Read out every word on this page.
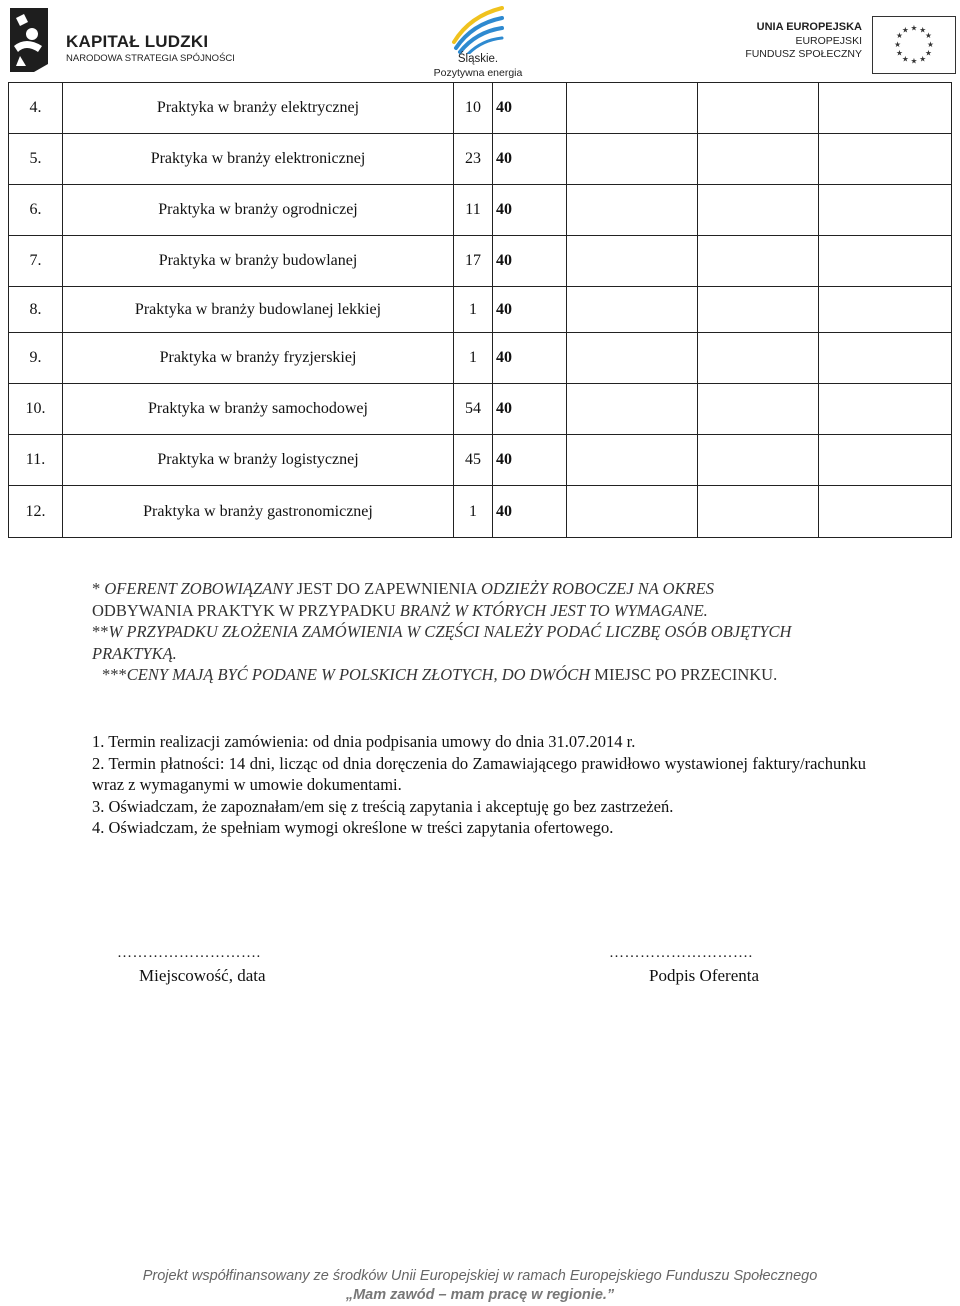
KAPITAŁ LUDZKI
NARODOWA STRATEGIA SPÓJNOŚCI	Śląskie.
Pozytywna energia
UNIA EUROPEJSKA
EUROPEJSKI
FUNDUSZ SPOŁECZNY
★ ★
★
★
★
★
★
★
★
★
★
★
4.	Praktyka w branży elektrycznej	10	40			
5.	Praktyka w branży elektronicznej	23	40			
6.	Praktyka w branży ogrodniczej	11	40			
7.	Praktyka w branży budowlanej	17	40			
8.	Praktyka w branży budowlanej lekkiej	1	40			
9.	Praktyka w branży fryzjerskiej	1	40			
10.	Praktyka w branży samochodowej	54	40			
11.	Praktyka w branży logistycznej	45	40			
12.	Praktyka w branży gastronomicznej	1	40			
* OFERENT ZOBOWIĄZANY JEST DO ZAPEWNIENIA ODZIEŻY ROBOCZEJ NA OKRES
ODBYWANIA PRAKTYK W PRZYPADKU BRANŻ W KTÓRYCH JEST TO WYMAGANE.
**W PRZYPADKU ZŁOŻENIA ZAMÓWIENIA W CZĘŚCI NALEŻY PODAĆ LICZBĘ OSÓB OBJĘTYCH PRAKTYKĄ.
***CENY MAJĄ BYĆ PODANE W POLSKICH ZŁOTYCH, DO DWÓCH MIEJSC PO PRZECINKU.
1. Termin realizacji zamówienia: od dnia podpisania umowy do dnia 31.07.2014 r.
2. Termin płatności: 14 dni, licząc od dnia doręczenia do Zamawiającego prawidłowo wystawionej faktury/rachunku wraz z wymaganymi w umowie dokumentami.
3. Oświadczam, że zapoznałam/em się z treścią zapytania i akceptuję go bez zastrzeżeń.
4. Oświadczam, że spełniam wymogi określone w treści zapytania ofertowego.
……………………….
Miejscowość, data
……………………….
Podpis Oferenta
Projekt współfinansowany ze środków Unii Europejskiej w ramach Europejskiego Funduszu Społecznego
„Mam zawód – mam pracę w regionie.”
